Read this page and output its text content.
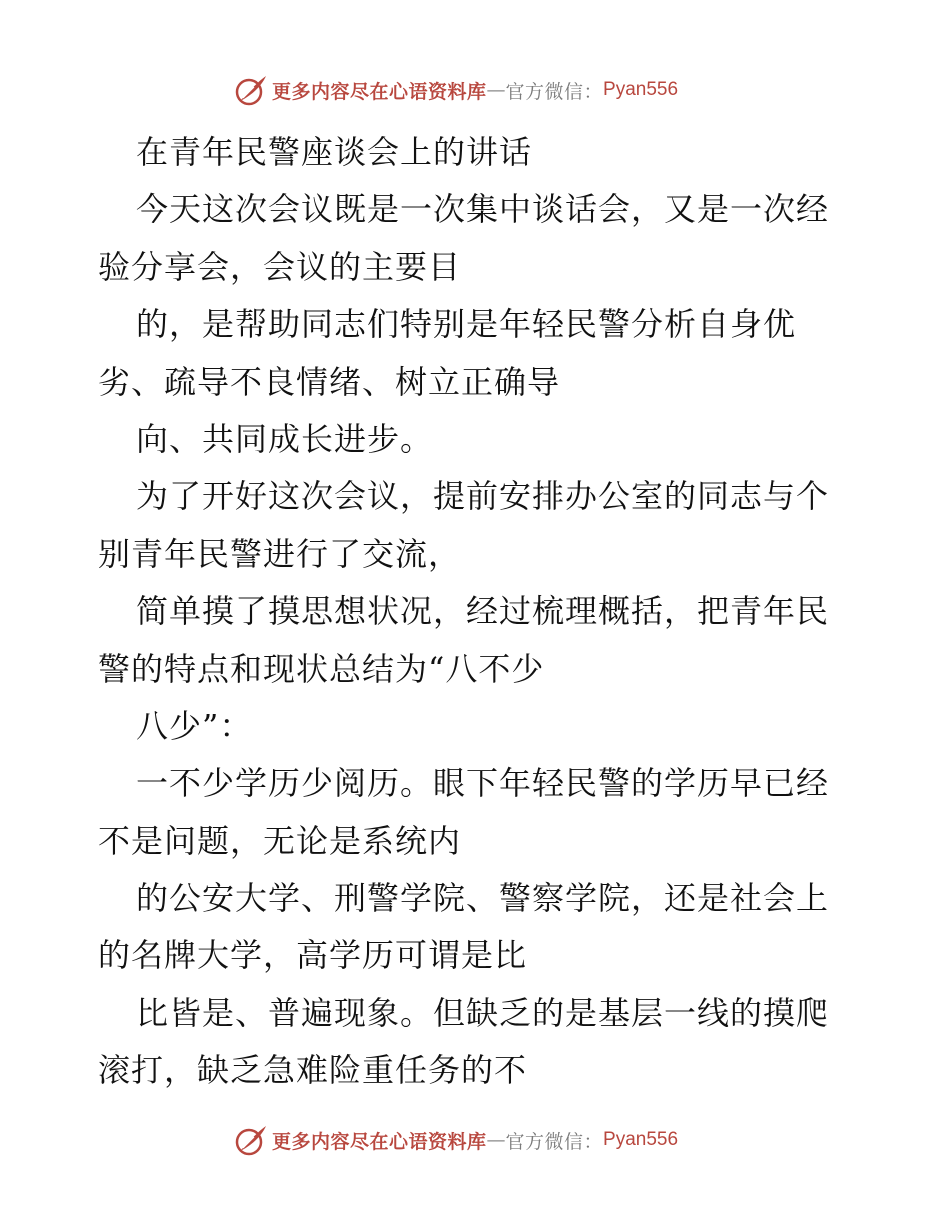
更多内容尽在心语资料库 — 官方微信： Pyan556
在青年民警座谈会上的讲话
今天这次会议既是一次集中谈话会，又是一次经
验分享会，会议的主要目
的，是帮助同志们特别是年轻民警分析自身优
劣、疏导不良情绪、树立正确导
向、共同成长进步。
为了开好这次会议，提前安排办公室的同志与个
别青年民警进行了交流，
简单摸了摸思想状况，经过梳理概括，把青年民
警的特点和现状总结为“八不少
八少”：
一不少学历少阅历。眼下年轻民警的学历早已经
不是问题，无论是系统内
的公安大学、刑警学院、警察学院，还是社会上
的名牌大学，高学历可谓是比
比皆是、普遍现象。但缺乏的是基层一线的摸爬
滚打，缺乏急难险重任务的不
更多内容尽在心语资料库 — 官方微信： Pyan556
